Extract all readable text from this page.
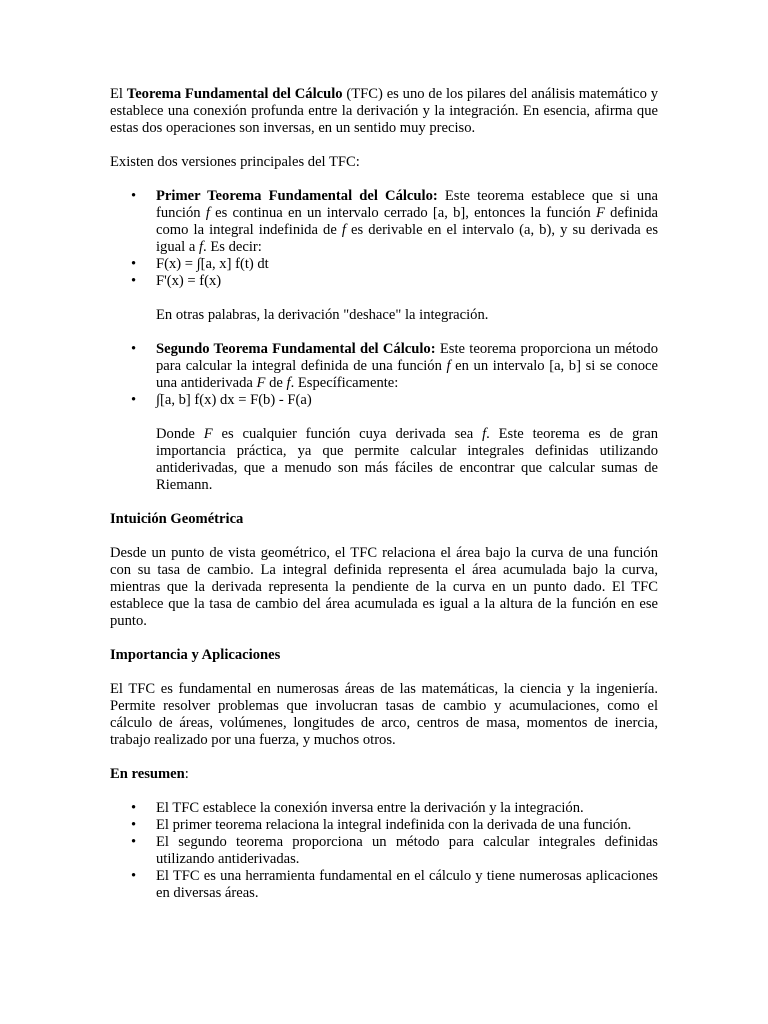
El Teorema Fundamental del Cálculo (TFC) es uno de los pilares del análisis matemático y establece una conexión profunda entre la derivación y la integración. En esencia, afirma que estas dos operaciones son inversas, en un sentido muy preciso.

Existen dos versiones principales del TFC:

• Primer Teorema Fundamental del Cálculo: Este teorema establece que si una función f es continua en un intervalo cerrado [a, b], entonces la función F definida como la integral indefinida de f es derivable en el intervalo (a, b), y su derivada es igual a f. Es decir:
• F(x) = ∫[a, x] f(t) dt
• F'(x) = f(x)

En otras palabras, la derivación "deshace" la integración.

• Segundo Teorema Fundamental del Cálculo: Este teorema proporciona un método para calcular la integral definida de una función f en un intervalo [a, b] si se conoce una antiderivada F de f. Específicamente:
• ∫[a, b] f(x) dx = F(b) - F(a)

Donde F es cualquier función cuya derivada sea f. Este teorema es de gran importancia práctica, ya que permite calcular integrales definidas utilizando antiderivadas, que a menudo son más fáciles de encontrar que calcular sumas de Riemann.

Intuición Geométrica

Desde un punto de vista geométrico, el TFC relaciona el área bajo la curva de una función con su tasa de cambio. La integral definida representa el área acumulada bajo la curva, mientras que la derivada representa la pendiente de la curva en un punto dado. El TFC establece que la tasa de cambio del área acumulada es igual a la altura de la función en ese punto.

Importancia y Aplicaciones

El TFC es fundamental en numerosas áreas de las matemáticas, la ciencia y la ingeniería. Permite resolver problemas que involucran tasas de cambio y acumulaciones, como el cálculo de áreas, volúmenes, longitudes de arco, centros de masa, momentos de inercia, trabajo realizado por una fuerza, y muchos otros.

En resumen:

• El TFC establece la conexión inversa entre la derivación y la integración.
• El primer teorema relaciona la integral indefinida con la derivada de una función.
• El segundo teorema proporciona un método para calcular integrales definidas utilizando antiderivadas.
• El TFC es una herramienta fundamental en el cálculo y tiene numerosas aplicaciones en diversas áreas.
